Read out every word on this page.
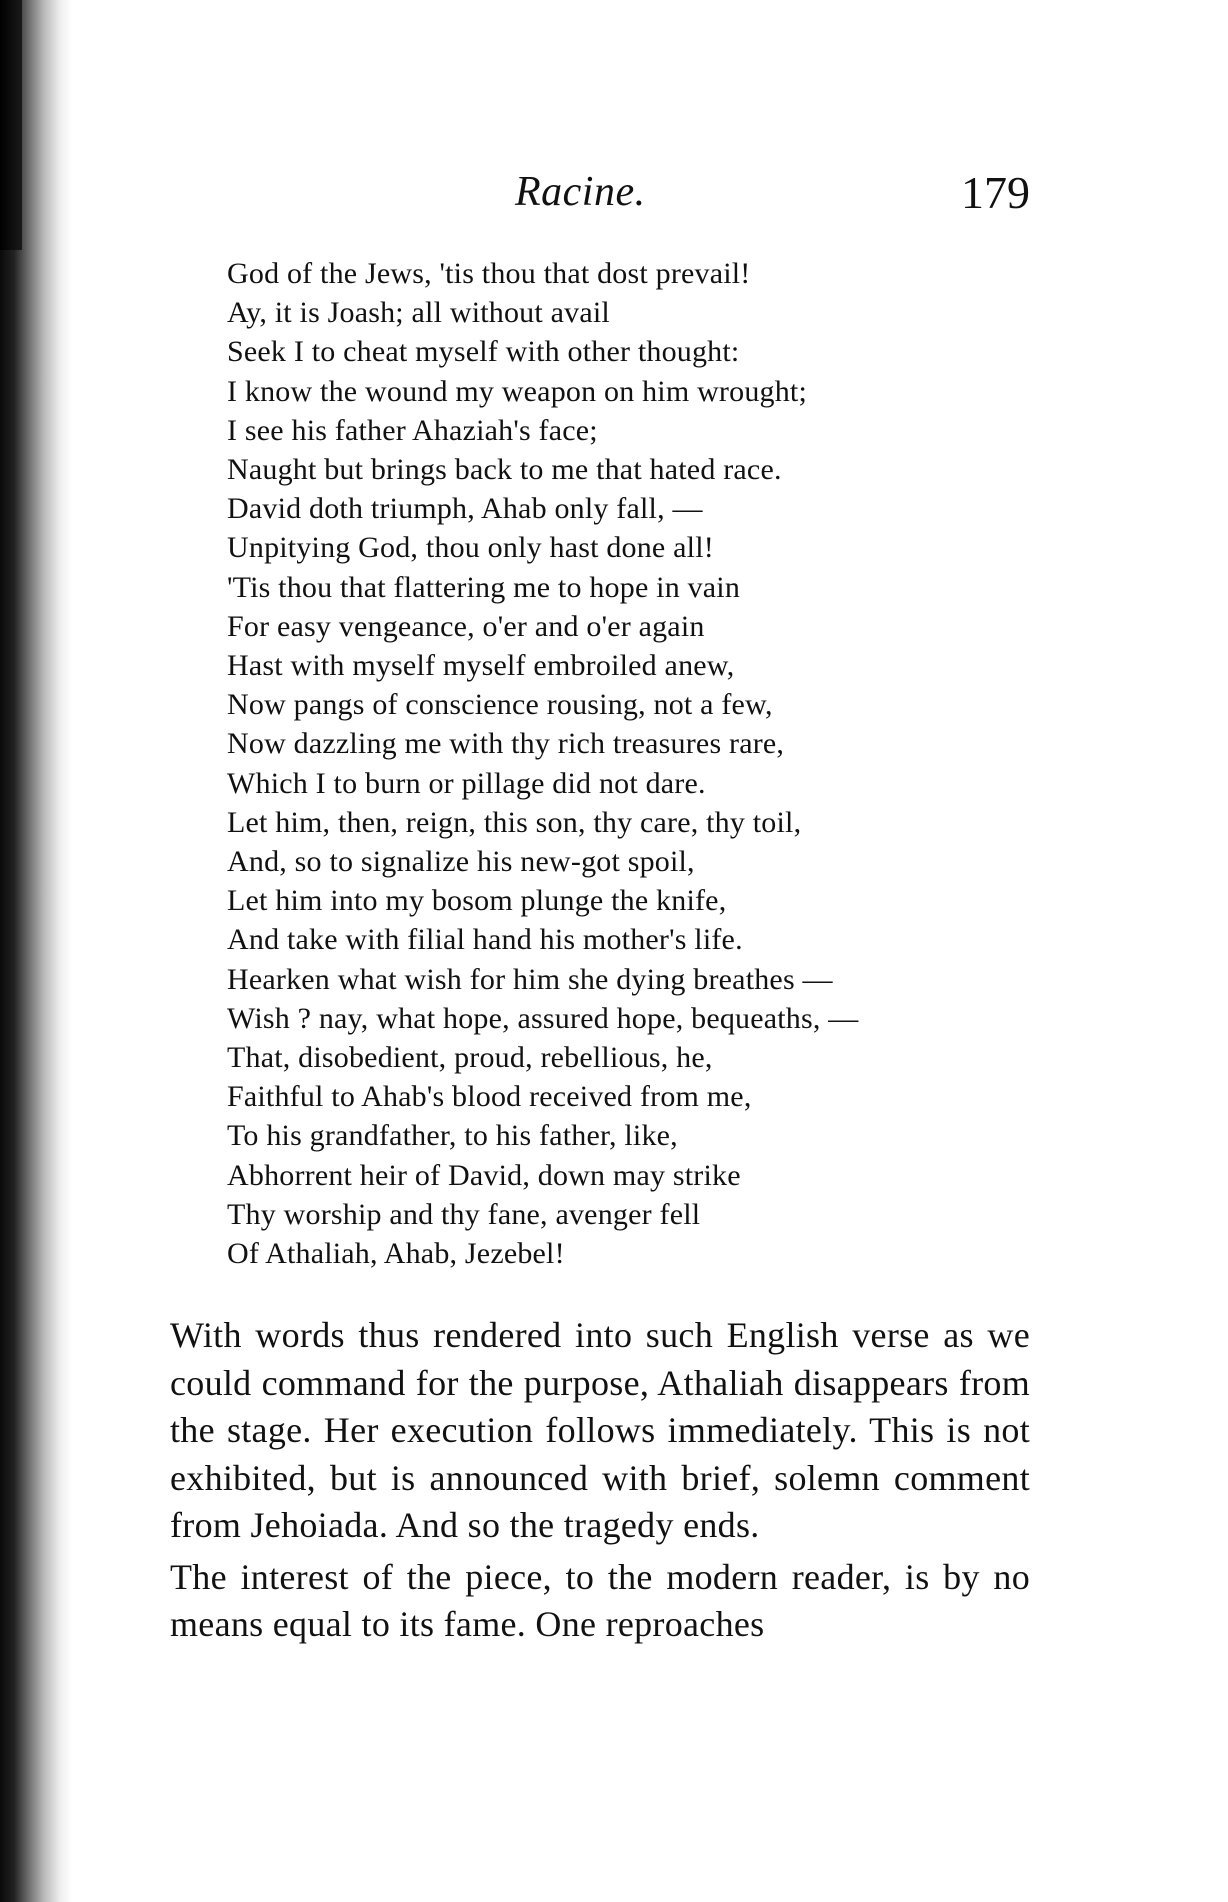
Racine.	179
God of the Jews, 'tis thou that dost prevail!
Ay, it is Joash; all without avail
Seek I to cheat myself with other thought:
I know the wound my weapon on him wrought;
I see his father Ahaziah's face;
Naught but brings back to me that hated race.
David doth triumph, Ahab only fall, —
Unpitying God, thou only hast done all!
'Tis thou that flattering me to hope in vain
For easy vengeance, o'er and o'er again
Hast with myself myself embroiled anew,
Now pangs of conscience rousing, not a few,
Now dazzling me with thy rich treasures rare,
Which I to burn or pillage did not dare.
Let him, then, reign, this son, thy care, thy toil,
And, so to signalize his new-got spoil,
Let him into my bosom plunge the knife,
And take with filial hand his mother's life.
Hearken what wish for him she dying breathes —
Wish ? nay, what hope, assured hope, bequeaths, —
That, disobedient, proud, rebellious, he,
Faithful to Ahab's blood received from me,
To his grandfather, to his father, like,
Abhorrent heir of David, down may strike
Thy worship and thy fane, avenger fell
Of Athaliah, Ahab, Jezebel!

With words thus rendered into such English verse as we could command for the purpose, Athaliah disappears from the stage. Her execution follows immediately. This is not exhibited, but is announced with brief, solemn comment from Jehoiada. And so the tragedy ends.

The interest of the piece, to the modern reader, is by no means equal to its fame. One reproaches
